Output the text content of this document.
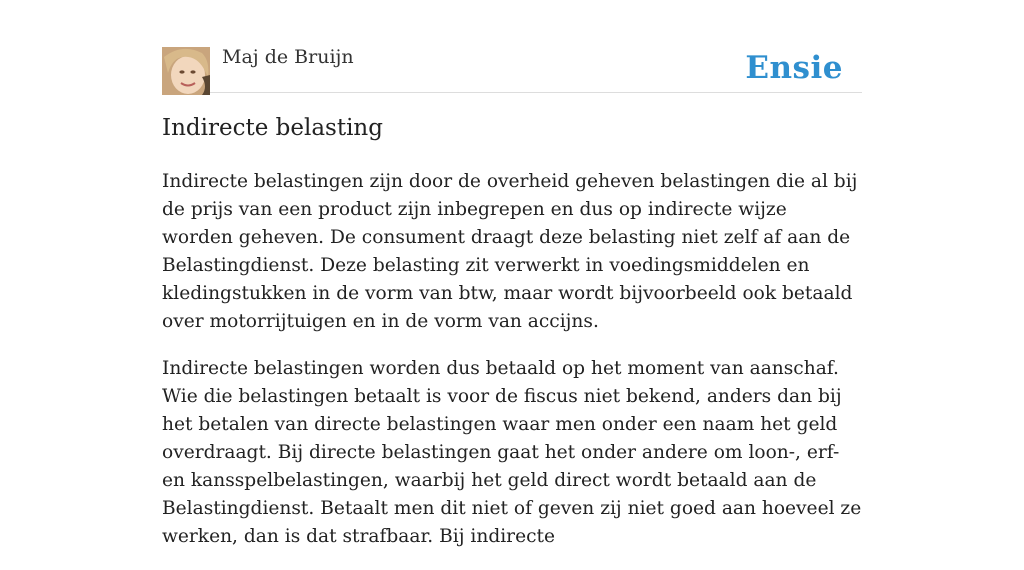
Maj de Bruijn	Ensie
Indirecte belasting

Indirecte belastingen zijn door de overheid geheven belastingen die al bij de prijs van een product zijn inbegrepen en dus op indirecte wijze worden geheven. De consument draagt deze belasting niet zelf af aan de Belastingdienst. Deze belasting zit verwerkt in voedingsmiddelen en kledingstukken in de vorm van btw, maar wordt bijvoorbeeld ook betaald over motorrijtuigen en in de vorm van accijns.

Indirecte belastingen worden dus betaald op het moment van aanschaf. Wie die belastingen betaalt is voor de fiscus niet bekend, anders dan bij het betalen van directe belastingen waar men onder een naam het geld overdraagt. Bij directe belastingen gaat het onder andere om loon-, erf- en kansspelbelastingen, waarbij het geld direct wordt betaald aan de Belastingdienst. Betaalt men dit niet of geven zij niet goed aan hoeveel ze werken, dan is dat strafbaar. Bij indirecte
